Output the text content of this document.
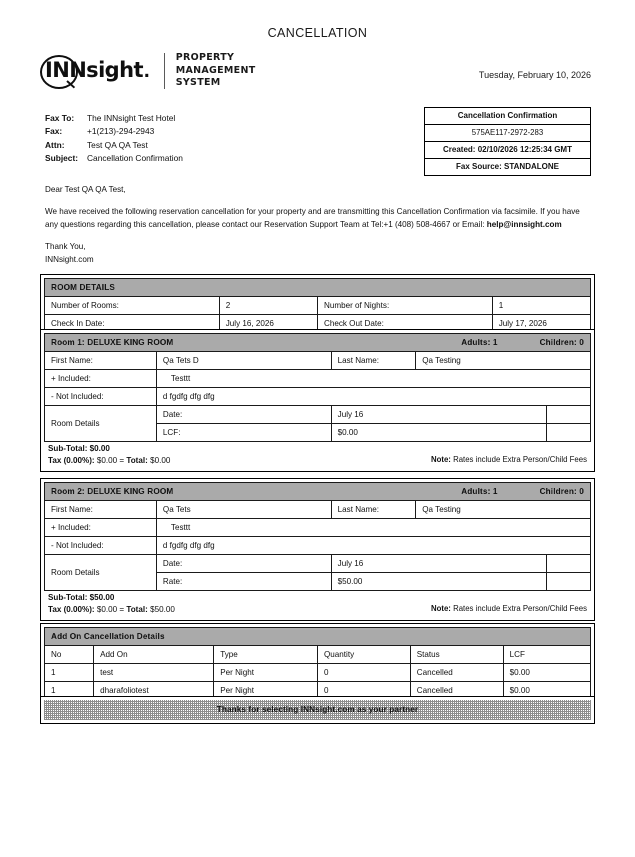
CANCELLATION
INNsight .
PROPERTY
MANAGEMENT
SYSTEM
Tuesday, February 10, 2026
Fax To:	The INNsight Test Hotel
Fax:	+1(213)-294-2943
Attn:	Test QA QA Test
Subject:	Cancellation Confirmation
Cancellation Confirmation
575AE117-2972-283
Created: 02/10/2026 12:25:34 GMT
Fax Source: STANDALONE

Dear Test QA QA Test,

We have received the following reservation cancellation for your property and are transmitting this Cancellation Confirmation via facsimile. If you have any questions regarding this cancellation, please contact our Reservation Support Team at Tel:+1 (408) 508-4667 or Email: help@innsight.com

Thank You,

INNsight.com

ROOM DETAILS			
Number of Rooms:	2	Number of Nights:	1
Check In Date:	July 16, 2026	Check Out Date:	July 17, 2026
Room 1: DELUXE KING ROOM Adults: 1 Children: 0				

First Name:	Qa Tets D	Last Name:	Qa Testing	
+ Included:	Testtt			
- Not Included:	d fgdfg dfg dfg			
Room Details	Date:	July 16		
	LCF:	$0.00		
Sub-Total: $0.00
Tax (0.00%): $0.00 = Total: $0.00	Note: Rates include Extra Person/Child Fees
Room 2: DELUXE KING ROOM Adults: 1 Children: 0				

First Name:	Qa Tets	Last Name:	Qa Testing	
+ Included:	Testtt			
- Not Included:	d fgdfg dfg dfg			
Room Details	Date:	July 16		
	Rate:	$50.00		
Sub-Total: $50.00
Tax (0.00%): $0.00 = Total: $50.00	Note: Rates include Extra Person/Child Fees
Add On Cancellation Details					
No	Add On	Type	Quantity	Status	LCF
1	test	Per Night	0	Cancelled	$0.00
1	dharafoliotest	Per Night	0	Cancelled	$0.00
Thanks for selecting INNsight.com as your partner
